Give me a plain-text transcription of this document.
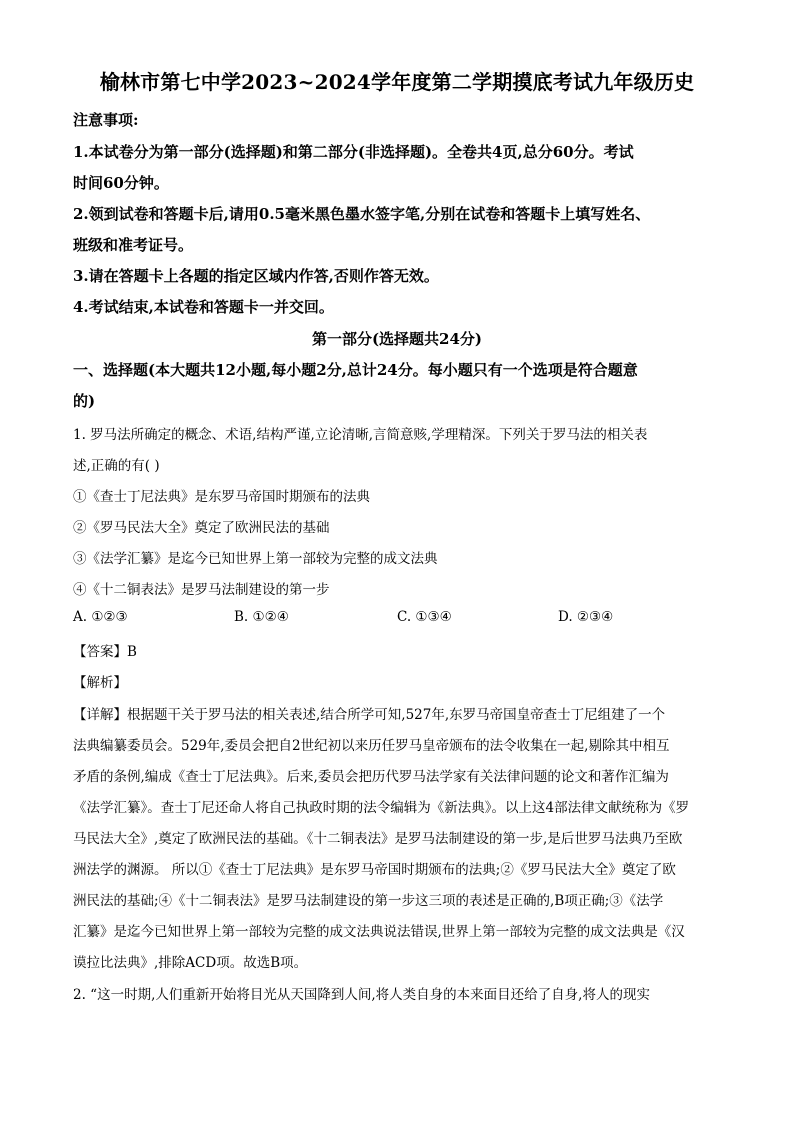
榆林市第七中学2023~2024学年度第二学期摸底考试九年级历史
注意事项:
1.本试卷分为第一部分(选择题)和第二部分(非选择题)。全卷共4页,总分60分。考试
时间60分钟。
2.领到试卷和答题卡后,请用0.5毫米黑色墨水签字笔,分别在试卷和答题卡上填写姓名、
班级和准考证号。
3.请在答题卡上各题的指定区域内作答,否则作答无效。
4.考试结束,本试卷和答题卡一并交回。
第一部分(选择题共24分)
一、选择题(本大题共12小题,每小题2分,总计24分。每小题只有一个选项是符合题意
的)
1. 罗马法所确定的概念、术语,结构严谨,立论清晰,言简意赅,学理精深。下列关于罗马法的相关表
述,正确的有( )
①《查士丁尼法典》是东罗马帝国时期颁布的法典
②《罗马民法大全》奠定了欧洲民法的基础
③《法学汇纂》是迄今已知世界上第一部较为完整的成文法典
④《十二铜表法》是罗马法制建设的第一步
A. ①②③	B. ①②④	C. ①③④	D. ②③④
【答案】B
【解析】
【详解】根据题干关于罗马法的相关表述,结合所学可知,527年,东罗马帝国皇帝查士丁尼组建了一个
法典编纂委员会。529年,委员会把自2世纪初以来历任罗马皇帝颁布的法令收集在一起,剔除其中相互
矛盾的条例,编成《查士丁尼法典》。后来,委员会把历代罗马法学家有关法律问题的论文和著作汇编为
《法学汇纂》。查士丁尼还命人将自己执政时期的法令编辑为《新法典》。以上这4部法律文献统称为《罗
马民法大全》,奠定了欧洲民法的基础。《十二铜表法》是罗马法制建设的第一步,是后世罗马法典乃至欧
洲法学的渊源。 所以①《查士丁尼法典》是东罗马帝国时期颁布的法典;②《罗马民法大全》奠定了欧
洲民法的基础;④《十二铜表法》是罗马法制建设的第一步这三项的表述是正确的,B项正确;③《法学
汇纂》是迄今已知世界上第一部较为完整的成文法典说法错误,世界上第一部较为完整的成文法典是《汉
谟拉比法典》,排除ACD项。故选B项。
2. “这一时期,人们重新开始将目光从天国降到人间,将人类自身的本来面目还给了自身,将人的现实
